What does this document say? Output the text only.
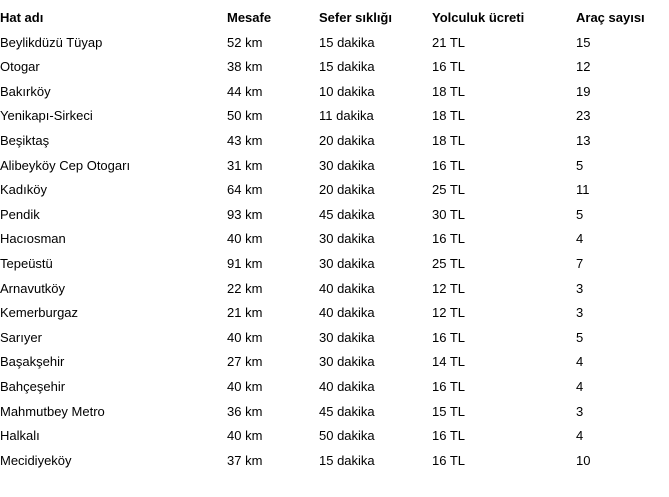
Hat adı	Mesafe	Sefer sıklığı	Yolculuk ücreti	Araç sayısı
Beylikdüzü Tüyap	52 km	15 dakika	21 TL	15
Otogar	38 km	15 dakika	16 TL	12
Bakırköy	44 km	10 dakika	18 TL	19
Yenikapı-Sirkeci	50 km	11 dakika	18 TL	23
Beşiktaş	43 km	20 dakika	18 TL	13
Alibeyköy Cep Otogarı	31 km	30 dakika	16 TL	5
Kadıköy	64 km	20 dakika	25 TL	11
Pendik	93 km	45 dakika	30 TL	5
Hacıosman	40 km	30 dakika	16 TL	4
Tepeüstü	91 km	30 dakika	25 TL	7
Arnavutköy	22 km	40 dakika	12 TL	3
Kemerburgaz	21 km	40 dakika	12 TL	3
Sarıyer	40 km	30 dakika	16 TL	5
Başakşehir	27 km	30 dakika	14 TL	4
Bahçeşehir	40 km	40 dakika	16 TL	4
Mahmutbey Metro	36 km	45 dakika	15 TL	3
Halkalı	40 km	50 dakika	16 TL	4
Mecidiyeköy	37 km	15 dakika	16 TL	10
